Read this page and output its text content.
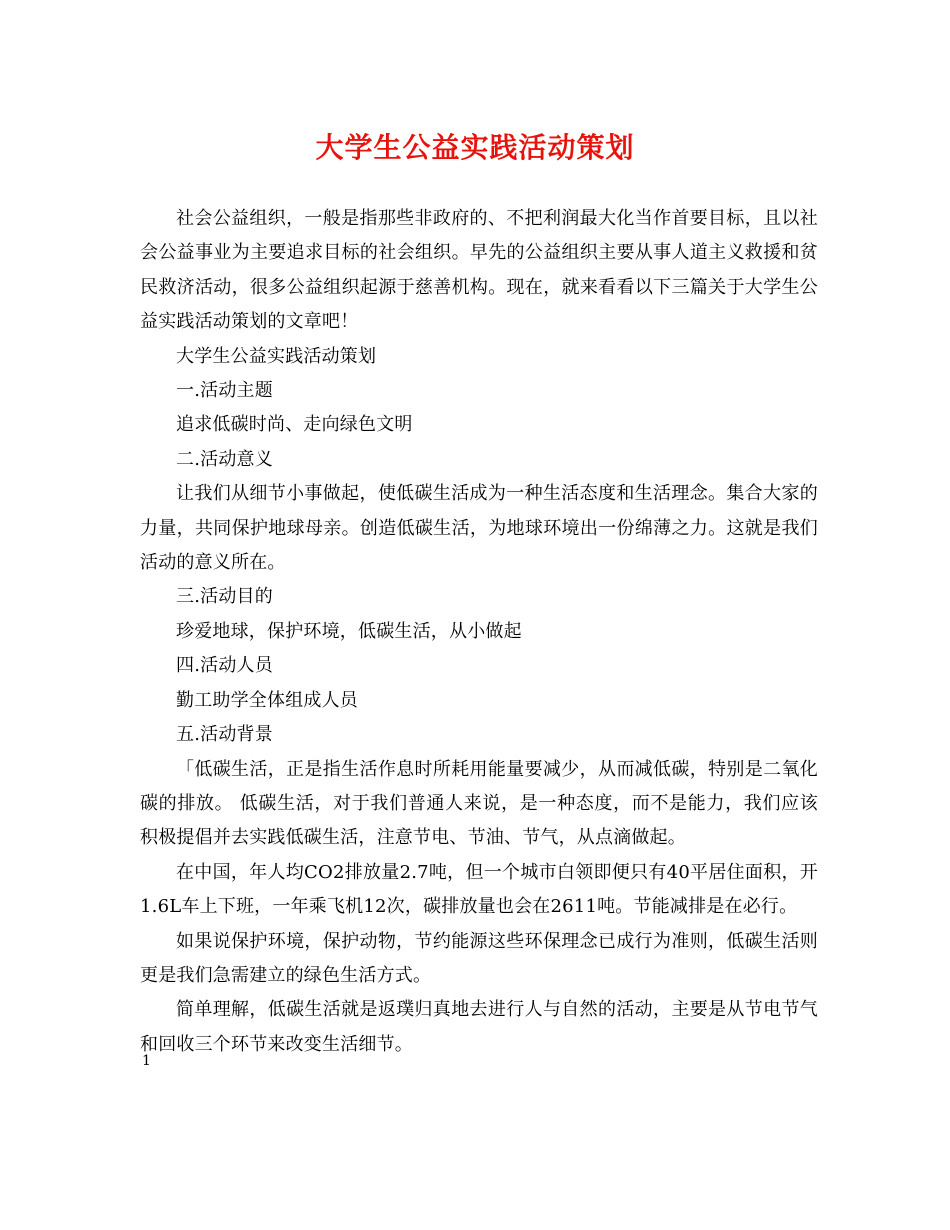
大学生公益实践活动策划

社会公益组织，一般是指那些非政府的、不把利润最大化当作首要目标，且以社会公益事业为主要追求目标的社会组织。早先的公益组织主要从事人道主义救援和贫民救济活动，很多公益组织起源于慈善机构。现在，就来看看以下三篇关于大学生公益实践活动策划的文章吧！

大学生公益实践活动策划

一.活动主题

追求低碳时尚、走向绿色文明

二.活动意义

让我们从细节小事做起，使低碳生活成为一种生活态度和生活理念。集合大家的力量，共同保护地球母亲。创造低碳生活，为地球环境出一份绵薄之力。这就是我们活动的意义所在。

三.活动目的

珍爱地球，保护环境，低碳生活，从小做起

四.活动人员

勤工助学全体组成人员

五.活动背景

「低碳生活，正是指生活作息时所耗用能量要减少，从而减低碳，特别是二氧化碳的排放。 低碳生活，对于我们普通人来说，是一种态度，而不是能力，我们应该积极提倡并去实践低碳生活，注意节电、节油、节气，从点滴做起。

在中国，年人均CO2排放量2.7吨，但一个城市白领即便只有40平居住面积，开1.6L车上下班，一年乘飞机12次，碳排放量也会在2611吨。节能减排是在必行。

如果说保护环境，保护动物，节约能源这些环保理念已成行为准则，低碳生活则更是我们急需建立的绿色生活方式。

简单理解，低碳生活就是返璞归真地去进行人与自然的活动，主要是从节电节气和回收三个环节来改变生活细节。

1
